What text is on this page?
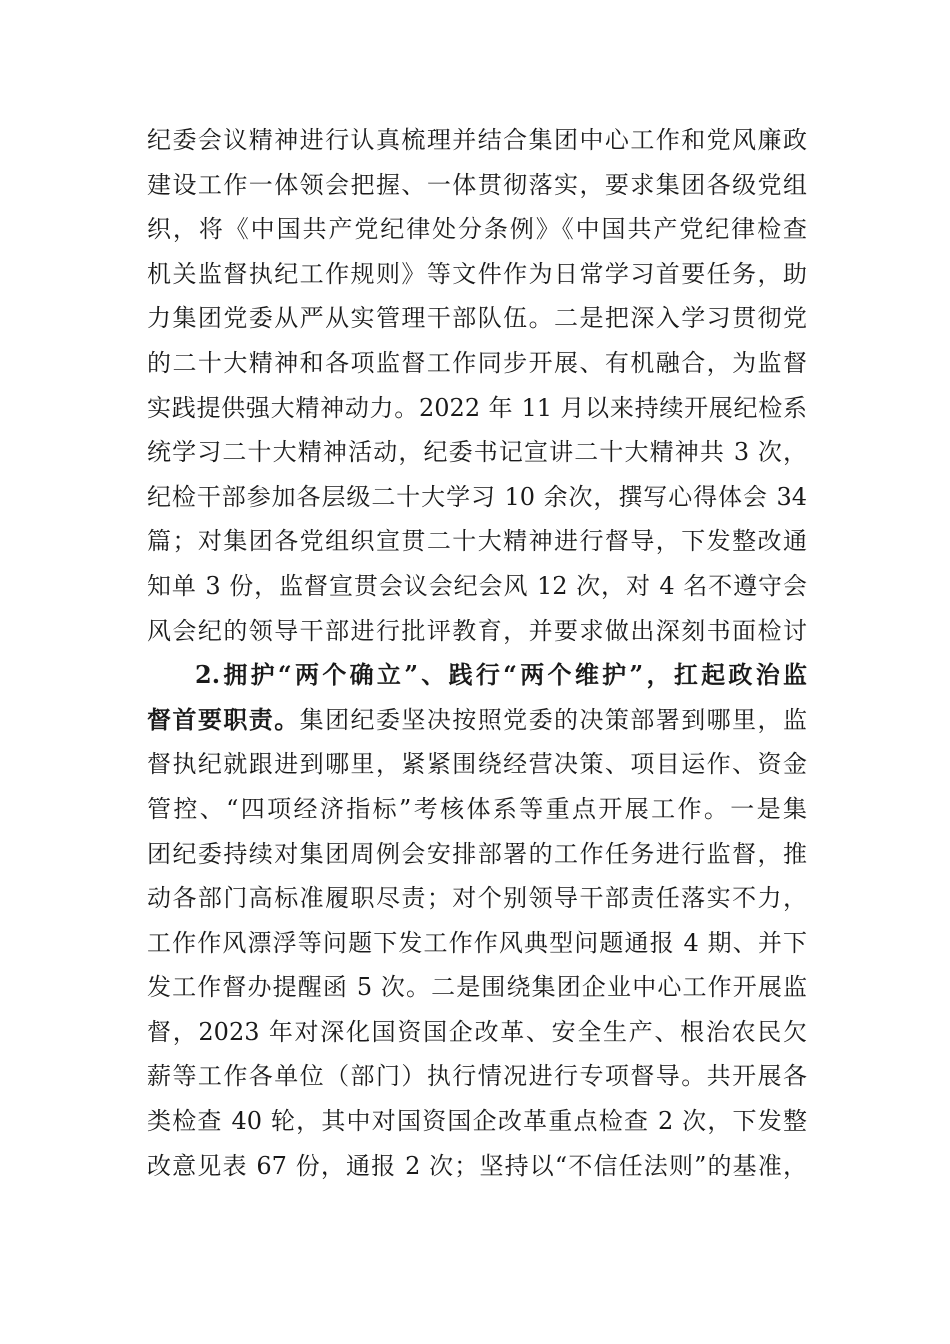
纪委会议精神进行认真梳理并结合集团中心工作和党风廉政
建设工作一体领会把握、一体贯彻落实，要求集团各级党组
织，将《中国共产党纪律处分条例》《中国共产党纪律检查
机关监督执纪工作规则》等文件作为日常学习首要任务，助
力集团党委从严从实管理干部队伍。二是把深入学习贯彻党
的二十大精神和各项监督工作同步开展、有机融合，为监督
实践提供强大精神动力。2022 年 11 月以来持续开展纪检系
统学习二十大精神活动，纪委书记宣讲二十大精神共 3 次，
纪检干部参加各层级二十大学习 10 余次，撰写心得体会 34
篇；对集团各党组织宣贯二十大精神进行督导，下发整改通
知单 3 份，监督宣贯会议会纪会风 12 次，对 4 名不遵守会
风会纪的领导干部进行批评教育，并要求做出深刻书面检讨
2.拥护“两个确立”、践行“两个维护”，扛起政治监
督首要职责。集团纪委坚决按照党委的决策部署到哪里，监
督执纪就跟进到哪里，紧紧围绕经营决策、项目运作、资金
管控、“四项经济指标”考核体系等重点开展工作。一是集
团纪委持续对集团周例会安排部署的工作任务进行监督，推
动各部门高标准履职尽责；对个别领导干部责任落实不力，
工作作风漂浮等问题下发工作作风典型问题通报 4 期、并下
发工作督办提醒函 5 次。二是围绕集团企业中心工作开展监
督，2023 年对深化国资国企改革、安全生产、根治农民欠
薪等工作各单位（部门）执行情况进行专项督导。共开展各
类检查 40 轮，其中对国资国企改革重点检查 2 次，下发整
改意见表 67 份，通报 2 次；坚持以“不信任法则”的基准，
